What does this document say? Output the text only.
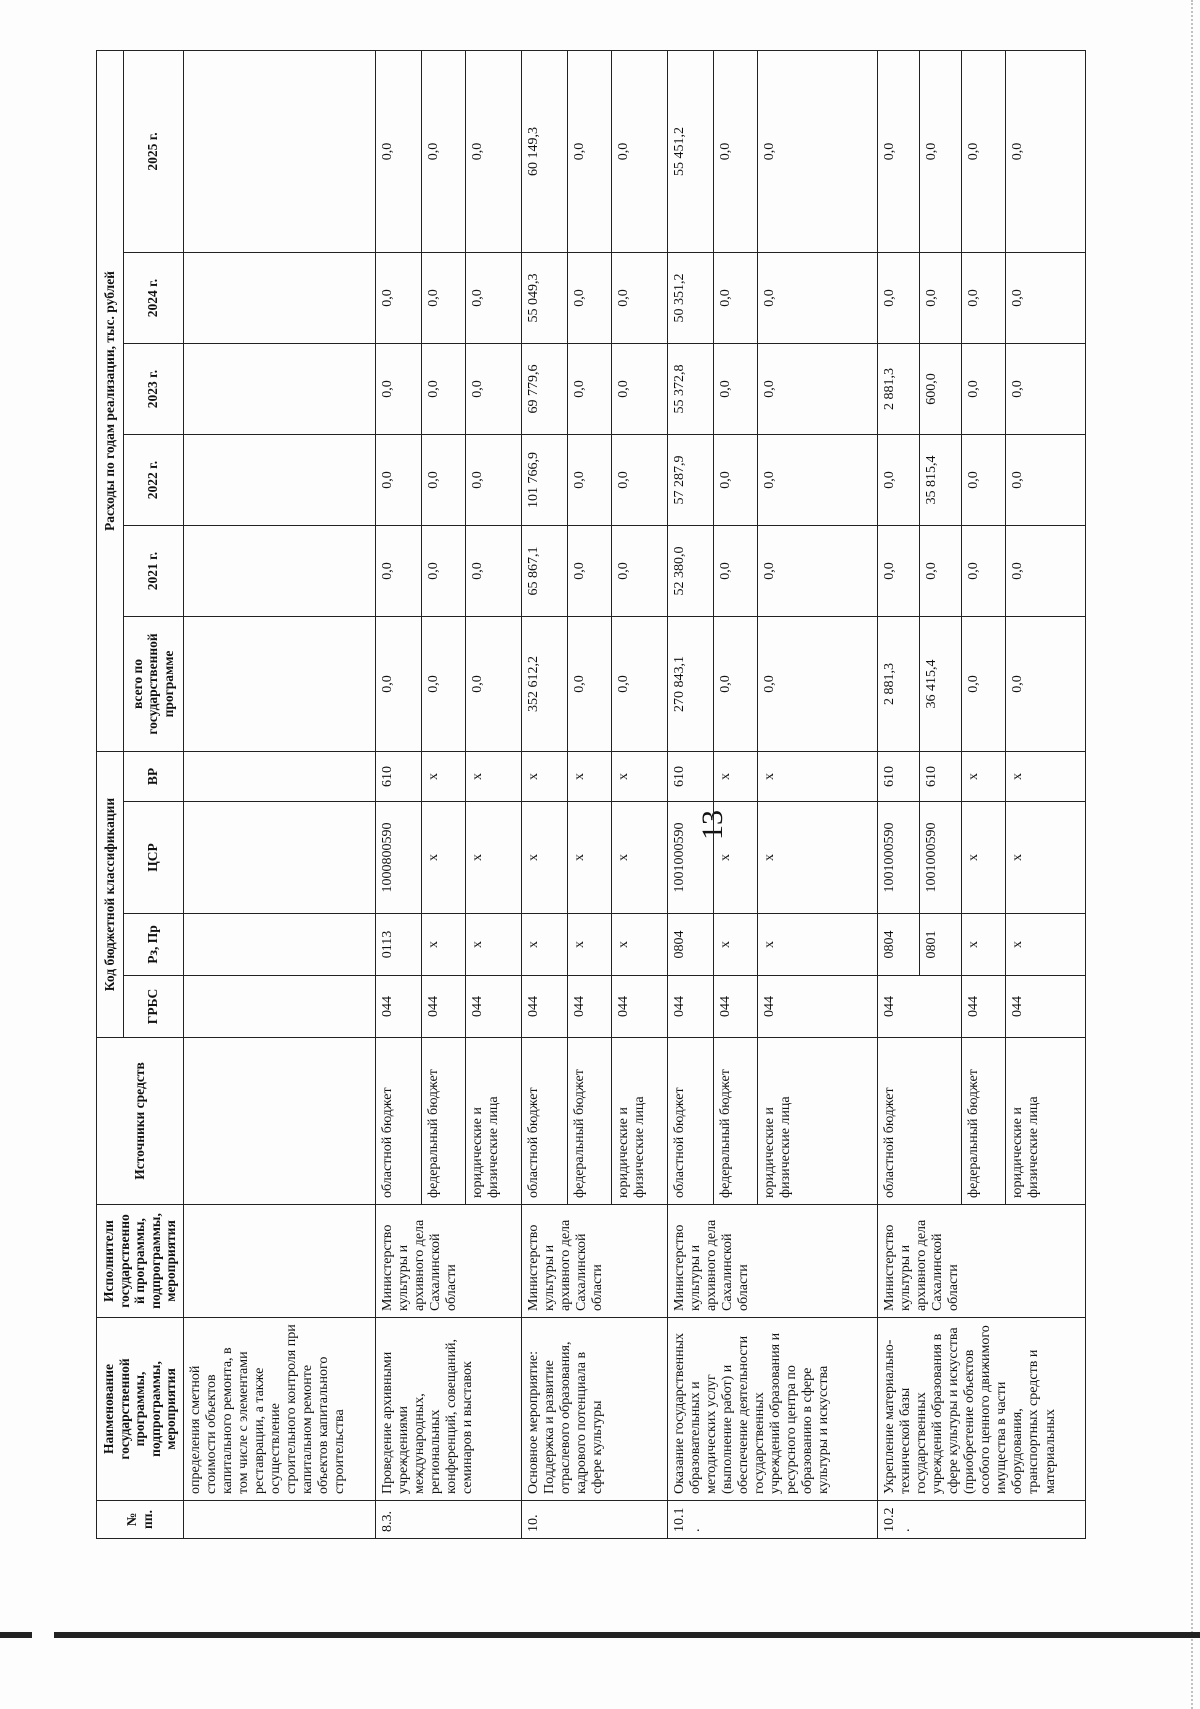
13
№ пп.	Наименование государственной программы, подпрограммы, мероприятия	Исполнители государственной программы, подпрограммы, мероприятия	Источники средств	Код бюджетной классификации				Расходы по годам реализации, тыс. рублей					
				ГРБС	Рз, Пр	ЦСР	ВР	всего по государственной программе	2021 г.	2022 г.	2023 г.	2024 г.	2025 г.
	определения сметной стоимости объектов капитального ремонта, в том числе с элементами реставрации, а также осуществление строительного контроля при капитальном ремонте объектов капитального строительства												
8.3.	Проведение архивными учреждениями международных, региональных конференций, совещаний, семинаров и выставок	Министерство культуры и архивного дела Сахалинской области	областной бюджет	044	0113	1000800590	610	0,0	0,0	0,0	0,0	0,0	0,0
			федеральный бюджет	044	х	х	х	0,0	0,0	0,0	0,0	0,0	0,0
			юридические и физические лица	044	х	х	х	0,0	0,0	0,0	0,0	0,0	0,0
10.	Основное мероприятие: Поддержка и развитие отраслевого образования, кадрового потенциала в сфере культуры	Министерство культуры и архивного дела Сахалинской области	областной бюджет	044	х	х	х	352 612,2	65 867,1	101 766,9	69 779,6	55 049,3	60 149,3
			федеральный бюджет	044	х	х	х	0,0	0,0	0,0	0,0	0,0	0,0
			юридические и физические лица	044	х	х	х	0,0	0,0	0,0	0,0	0,0	0,0
10.1.	Оказание государственных образовательных и методических услуг (выполнение работ) и обеспечение деятельности государственных учреждений образования и ресурсного центра по образованию в сфере культуры и искусства	Министерство культуры и архивного дела Сахалинской области	областной бюджет	044	0804	1001000590	610	270 843,1	52 380,0	57 287,9	55 372,8	50 351,2	55 451,2
			федеральный бюджет	044	х	х	х	0,0	0,0	0,0	0,0	0,0	0,0
			юридические и физические лица	044	х	х	х	0,0	0,0	0,0	0,0	0,0	0,0
10.2.	Укрепление материально-технической базы государственных учреждений образования в сфере культуры и искусства (приобретение объектов особого ценного движимого имущества в части оборудования, транспортных средств и материальных	Министерство культуры и архивного дела Сахалинской области	областной бюджет	044	0804	1001000590	610	2 881,3	0,0	0,0	2 881,3	0,0	0,0
					0801	1001000590	610	36 415,4	0,0	35 815,4	600,0	0,0	0,0
			федеральный бюджет	044	х	х	х	0,0	0,0	0,0	0,0	0,0	0,0
			юридические и физические лица	044	х	х	х	0,0	0,0	0,0	0,0	0,0	0,0
